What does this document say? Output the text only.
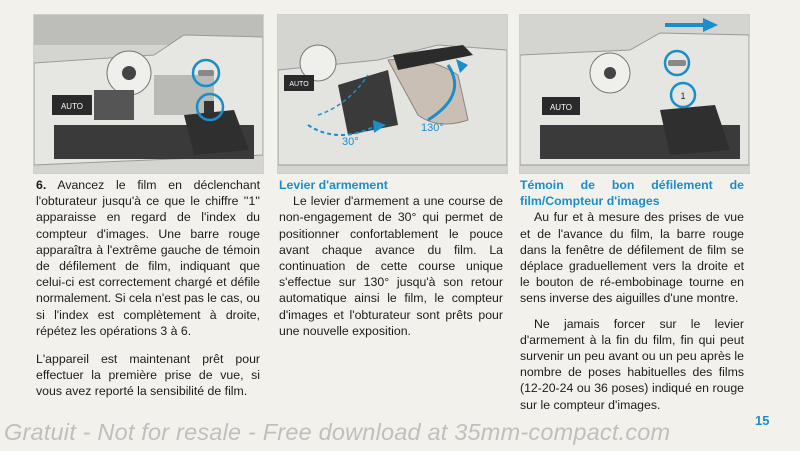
AUTO
AUTO
30°
130°
AUTO
1

6. Avancez le film en déclenchant l'obturateur jusqu'à ce que le chiffre ''1'' apparaisse en regard de l'index du compteur d'images. Une barre rouge apparaîtra à l'extrême gauche de témoin de défilement de film, indiquant que celui-ci est correctement chargé et défile normalement. Si cela n'est pas le cas, ou si l'index est complètement à droite, répétez les opérations 3 à 6.

L'appareil est maintenant prêt pour effectuer la première prise de vue, si vous avez reporté la sensibilité de film.

Levier d'armement

Le levier d'armement a une course de non-engagement de 30° qui permet de positionner confortablement le pouce avant chaque avance du film. La continuation de cette course unique s'effectue sur 130° jusqu'à son retour automatique ainsi le film, le compteur d'images et l'obturateur sont prêts pour une nouvelle exposition.

Témoin de bon défilement de film/Compteur d'images

Au fur et à mesure des prises de vue et de l'avance du film, la barre rouge dans la fenêtre de défilement de film se déplace graduellement vers la droite et le bouton de ré-embobinage tourne en sens inverse des aiguilles d'une montre.

Ne jamais forcer sur le levier d'armement à la fin du film, fin qui peut survenir un peu avant ou un peu après le nombre de poses habituelles des films (12-20-24 ou 36 poses) indiqué en rouge sur le compteur d'images.

15
Gratuit - Not for resale - Free download at 35mm-compact.com
